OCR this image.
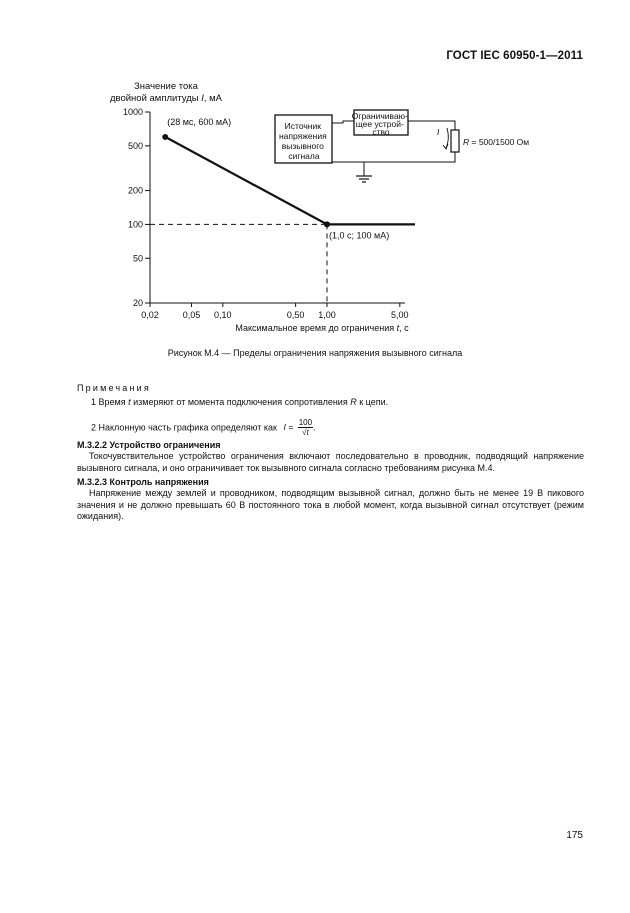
ГОСТ IEC 60950-1—2011
Значение тока
двойной амплитуды I, мА
20
50
100
200
500
1000
0,02	0,05 0,10	0,50 1,00	5,00
(28 мс, 600 мА)
(1,0 с; 100 мА)
Максимальное время до ограничения t, с
Источник напряжения вызывного сигнала
Ограничиваю- щее устрой- ство	I
R = 500/1500 Ом
Рисунок М.4 — Пределы ограничения напряжения вызывного сигнала
Примечания
1 Время t измеряют от момента подключения сопротивления R к цепи.
2 Наклонную часть графика определяют как $I = \frac{100}{√t}$ .
М.3.2.2 Устройство ограничения
Токочувствительное устройство ограничения включают последовательно в проводник, подводящий напряжение вызывного сигнала, и оно ограничивает ток вызывного сигнала согласно требованиям рисунка М.4.
М.3.2.3 Контроль напряжения
Напряжение между землей и проводником, подводящим вызывной сигнал, должно быть не менее 19 В пикового значения и не должно превышать 60 В постоянного тока в любой момент, когда вызывной сигнал отсутствует (режим ожидания).
175
